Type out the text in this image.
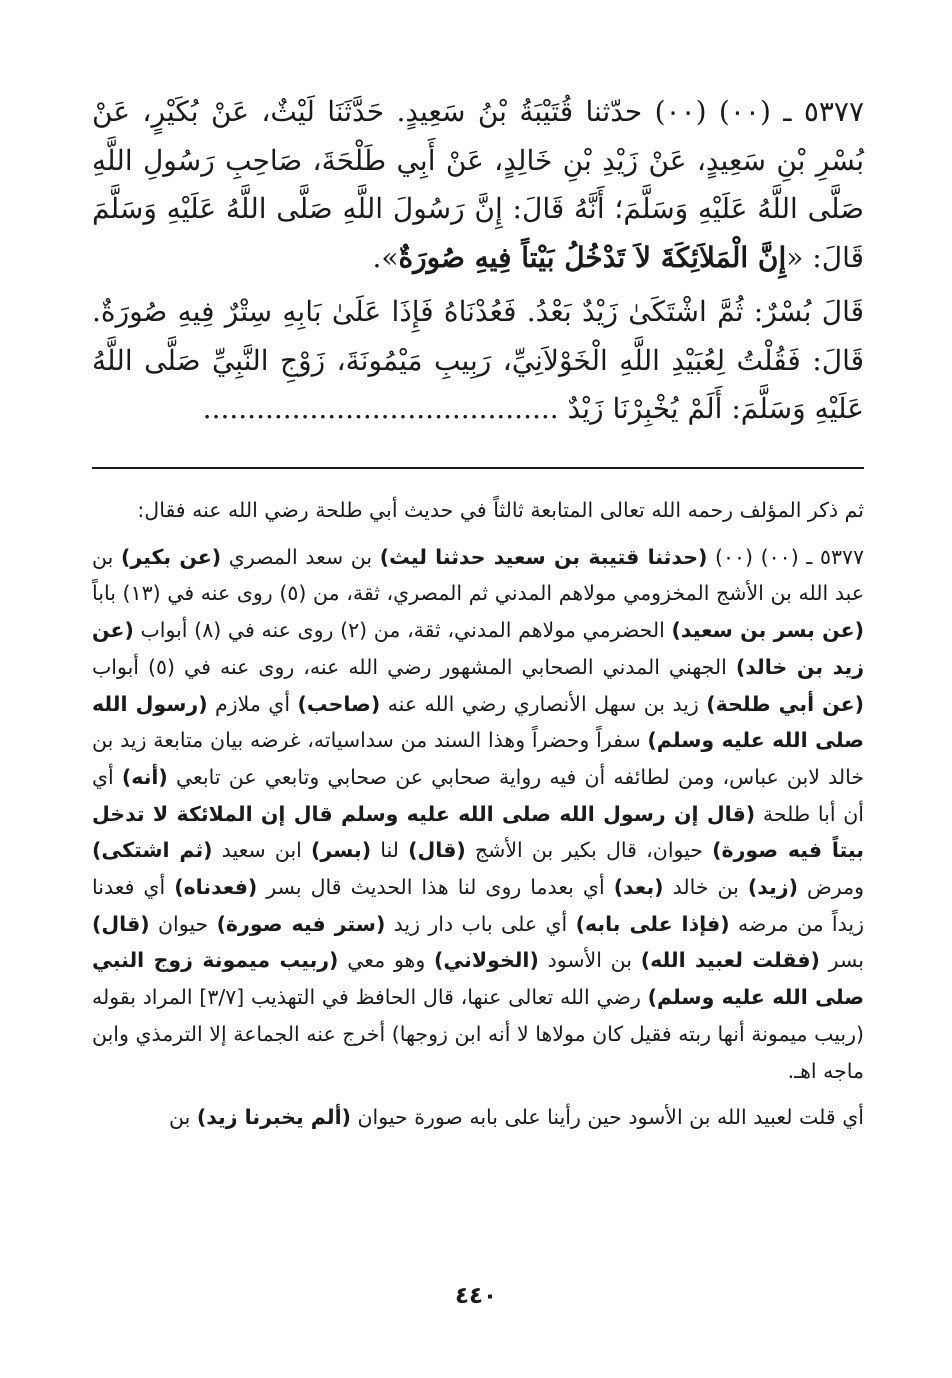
٥٣٧٧ ـ (٠٠) (٠٠) حدّثنا قُتَيْبَةُ بْنُ سَعِيدٍ. حَدَّثَنَا لَيْثٌ، عَنْ بُكَيْرٍ، عَنْ بُسْرِ بْنِ سَعِيدٍ، عَنْ زَيْدِ بْنِ خَالِدٍ، عَنْ أَبِي طَلْحَةَ، صَاحِبِ رَسُولِ اللَّهِ صَلَّى اللَّهُ عَلَيْهِ وَسَلَّمَ؛ أَنَّهُ قَالَ: إِنَّ رَسُولَ اللَّهِ صَلَّى اللَّهُ عَلَيْهِ وَسَلَّمَ قَالَ: «إِنَّ الْمَلاَئِكَةَ لاَ تَدْخُلُ بَيْتاً فِيهِ صُورَةٌ».

قَالَ بُسْرٌ: ثُمَّ اشْتَكَىٰ زَيْدٌ بَعْدُ. فَعُدْنَاهُ فَإِذَا عَلَىٰ بَابِهِ سِتْرٌ فِيهِ صُورَةٌ. قَالَ: فَقُلْتُ لِعُبَيْدِ اللَّهِ الْخَوْلاَنِيِّ، رَبِيبِ مَيْمُونَةَ، زَوْجِ النَّبِيِّ صَلَّى اللَّهُ عَلَيْهِ وَسَلَّمَ: أَلَمْ يُخْبِرْنَا زَيْدٌ ........................................

ثم ذكر المؤلف رحمه الله تعالى المتابعة ثالثاً في حديث أبي طلحة رضي الله عنه فقال:

٥٣٧٧ ـ (٠٠) (٠٠) (حدثنا قتيبة بن سعيد حدثنا ليث) بن سعد المصري (عن بكير) بن عبد الله بن الأشج المخزومي مولاهم المدني ثم المصري، ثقة، من (٥) روى عنه في (١٣) باباً (عن بسر بن سعيد) الحضرمي مولاهم المدني، ثقة، من (٢) روى عنه في (٨) أبواب (عن زيد بن خالد) الجهني المدني الصحابي المشهور رضي الله عنه، روى عنه في (٥) أبواب (عن أبي طلحة) زيد بن سهل الأنصاري رضي الله عنه (صاحب) أي ملازم (رسول الله صلى الله عليه وسلم) سفراً وحضراً وهذا السند من سداسياته، غرضه بيان متابعة زيد بن خالد لابن عباس، ومن لطائفه أن فيه رواية صحابي عن صحابي وتابعي عن تابعي (أنه) أي أن أبا طلحة (قال إن رسول الله صلى الله عليه وسلم قال إن الملائكة لا تدخل بيتاً فيه صورة) حيوان، قال بكير بن الأشج (قال) لنا (بسر) ابن سعيد (ثم اشتكى) ومرض (زيد) بن خالد (بعد) أي بعدما روى لنا هذا الحديث قال بسر (فعدناه) أي فعدنا زيداً من مرضه (فإذا على بابه) أي على باب دار زيد (ستر فيه صورة) حيوان (قال) بسر (فقلت لعبيد الله) بن الأسود (الخولاني) وهو معي (ربيب ميمونة زوج النبي صلى الله عليه وسلم) رضي الله تعالى عنها، قال الحافظ في التهذيب [٣/٧] المراد بقوله (ربيب ميمونة أنها ربته فقيل كان مولاها لا أنه ابن زوجها) أخرج عنه الجماعة إلا الترمذي وابن ماجه اهـ.

أي قلت لعبيد الله بن الأسود حين رأينا على بابه صورة حيوان (ألم يخبرنا زيد) بن

٤٤٠
